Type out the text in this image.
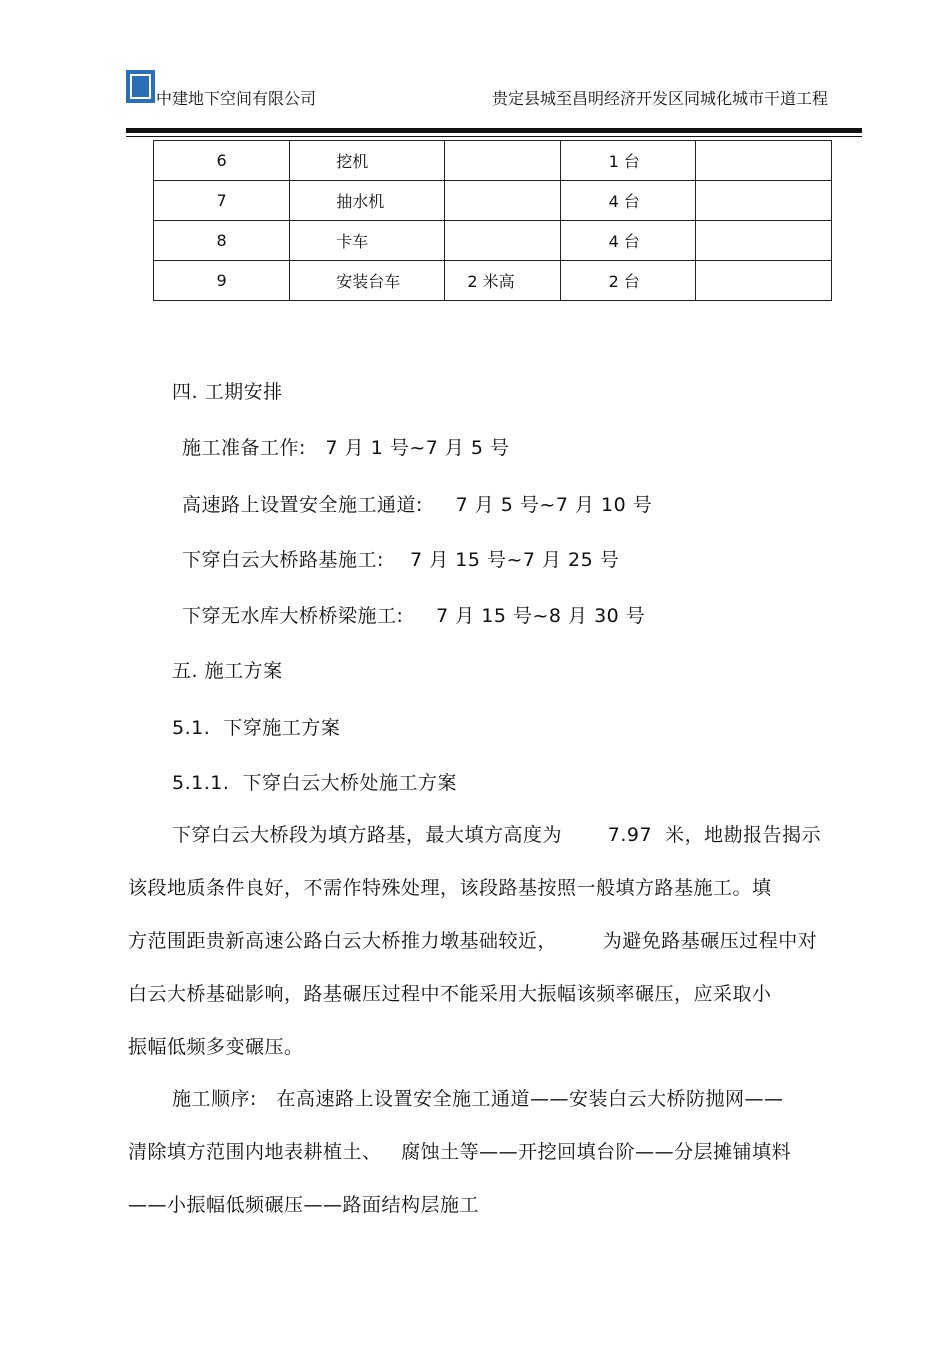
中建地下空间有限公司	贵定县城至昌明经济开发区同城化城市干道工程
6	挖机		1 台	
7	抽水机		4 台	
8	卡车		4 台	
9	安装台车	2 米高	2 台	
四. 工期安排
施工准备工作:   7 月 1 号~7 月 5 号
高速路上设置安全施工通道:     7 月 5 号~7 月 10 号
下穿白云大桥路基施工:    7 月 15 号~7 月 25 号
下穿无水库大桥桥梁施工:     7 月 15 号~8 月 30 号
五. 施工方案
5.1.  下穿施工方案
5.1.1.  下穿白云大桥处施工方案
下穿白云大桥段为填方路基，最大填方高度为       7.97  米，地勘报告揭示
该段地质条件良好，不需作特殊处理，该段路基按照一般填方路基施工。填
方范围距贵新高速公路白云大桥推力墩基础较近，       为避免路基碾压过程中对
白云大桥基础影响，路基碾压过程中不能采用大振幅该频率碾压，应采取小
振幅低频多变碾压。
施工顺序:   在高速路上设置安全施工通道——安装白云大桥防抛网——
清除填方范围内地表耕植土、   腐蚀土等——开挖回填台阶——分层摊铺填料
——小振幅低频碾压——路面结构层施工
